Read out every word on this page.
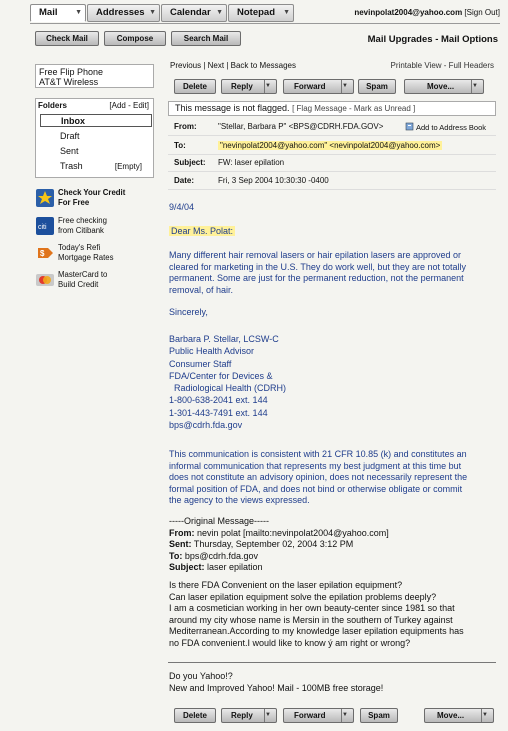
Mail	▼	Addresses ▼	Calendar ▼	Notepad ▼	nevinpolat2004@yahoo.com [Sign Out]
Check Mail	Compose	Search Mail	Mail Upgrades - Mail Options
Free Flip Phone
AT&T Wireless
Folders	[Add - Edit]
Inbox
Draft
Sent
Trash	[Empty]
Check Your Credit
For Free
citi
Free checking
from Citibank
$
Today's Refi
Mortgage Rates
MasterCard to
Build Credit
Previous | Next | Back to Messages	Printable View - Full Headers
Delete	Reply ▼	Forward	▼	Spam	Move...	▼
This message is not flagged. [ Flag Message - Mark as Unread ]
From:	"Stellar, Barbara P" <BPS@CDRH.FDA.GOV>	Add to Address Book
To:	"nevinpolat2004@yahoo.com" <nevinpolat2004@yahoo.com>
Subject: FW: laser epilation
Date:	Fri, 3 Sep 2004 10:30:30 -0400
9/4/04
Dear Ms. Polat:
Many different hair removal lasers or hair epilation lasers are approved or
cleared for marketing in the U.S. They do work well, but they are not totally
permanent. Some are just for the permanent reduction, not the permanent
removal, of hair.
Sincerely,
Barbara P. Stellar, LCSW-C
Public Health Advisor
Consumer Staff
FDA/Center for Devices &
Radiological Health (CDRH)
1-800-638-2041 ext. 144
1-301-443-7491 ext. 144
bps@cdrh.fda.gov
This communication is consistent with 21 CFR 10.85 (k) and constitutes an
informal communication that represents my best judgment at this time but
does not constitute an advisory opinion, does not necessarily represent the
formal position of FDA, and does not bind or otherwise obligate or commit
the agency to the views expressed.
-----Original Message-----
From: nevin polat [mailto:nevinpolat2004@yahoo.com]
Sent: Thursday, September 02, 2004 3:12 PM
To: bps@cdrh.fda.gov
Subject: laser epilation
Is there FDA Convenient on the laser epilation equipment?
Can laser epilation equipment solve the epilation problems deeply?
I am a cosmetician working in her own beauty-center since 1981 so that
around my city whose name is Mersin in the southern of Turkey against
Mediterranean.According to my knowledge laser epilation equipments has
no FDA convenient.I would like to know ý am right or wrong?
Do you Yahoo!?
New and Improved Yahoo! Mail - 100MB free storage!
Delete	Reply ▼	Forward	▼	Spam	Move...	▼
